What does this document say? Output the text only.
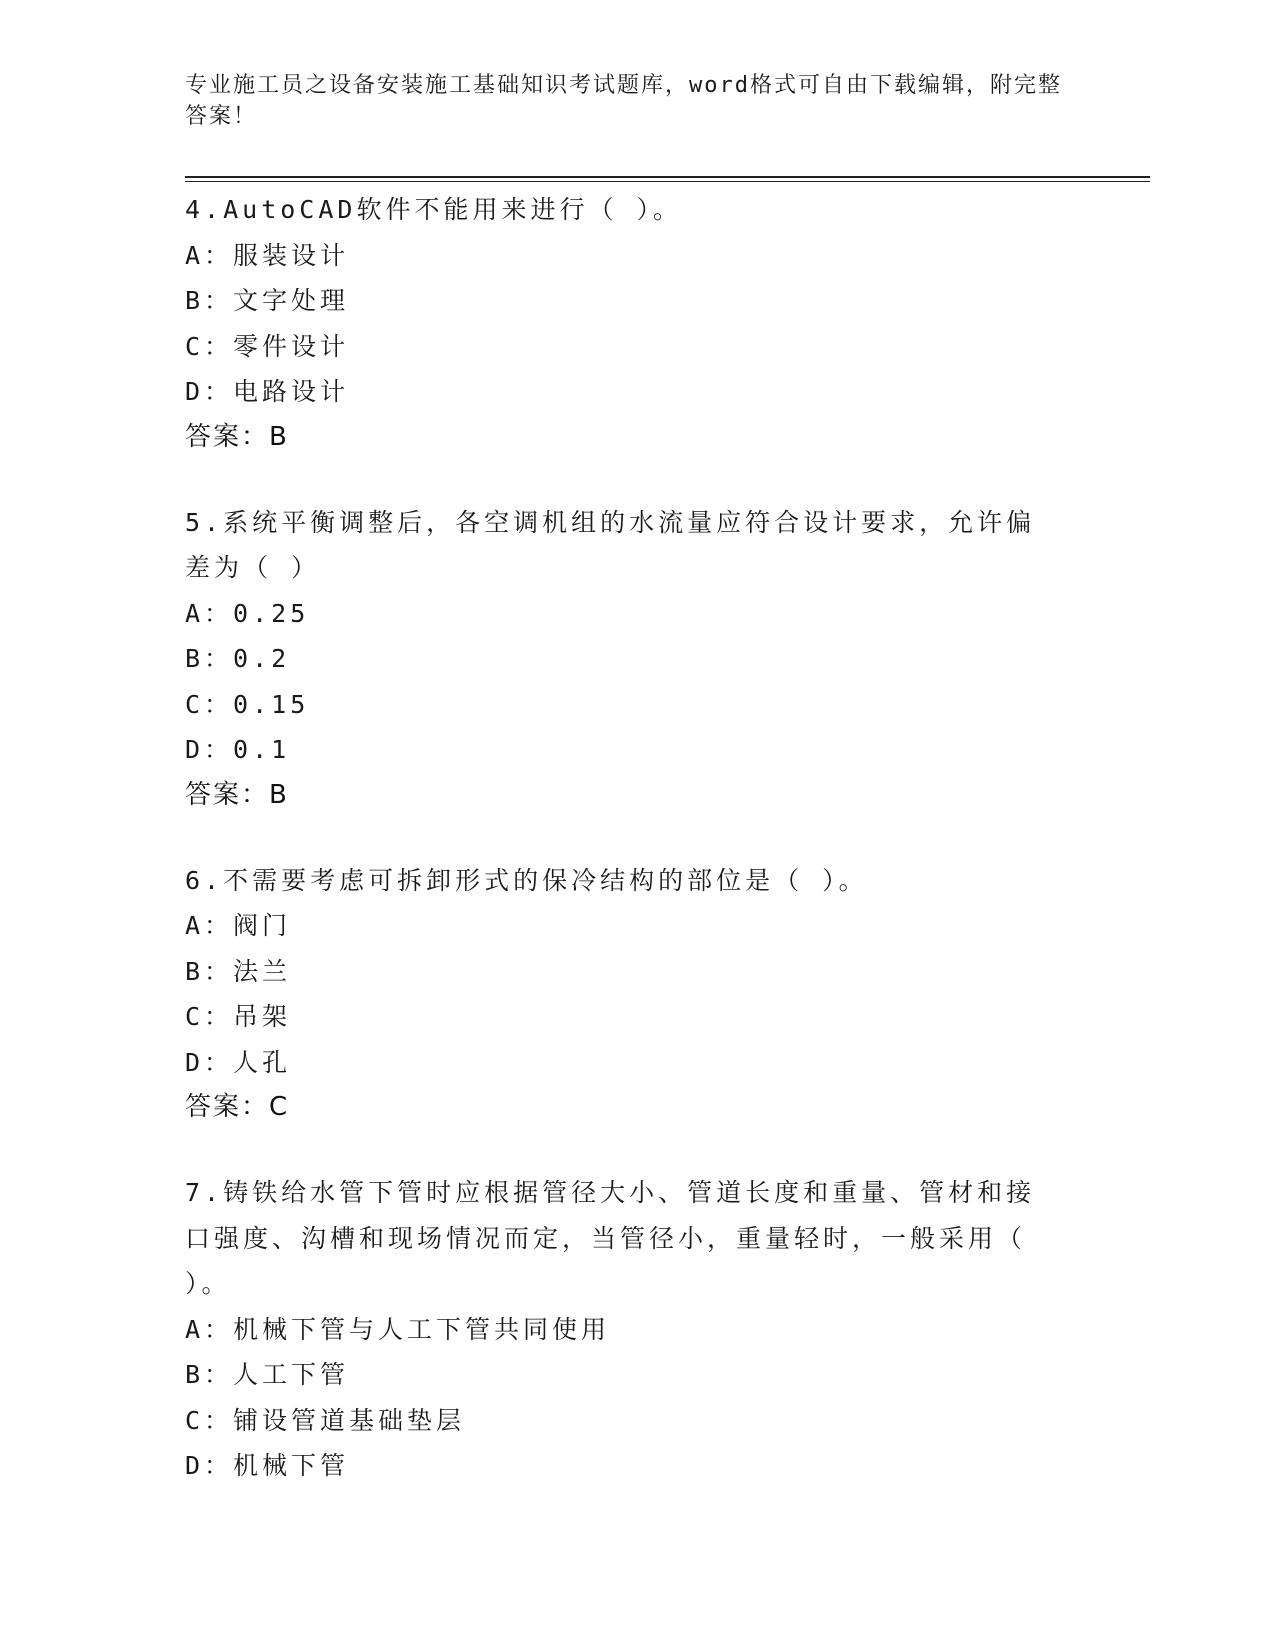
专业施工员之设备安装施工基础知识考试题库，word格式可自由下载编辑，附完整答案！
4.AutoCAD软件不能用来进行（ ）。
A：服装设计
B：文字处理
C：零件设计
D：电路设计
答案：B
5.系统平衡调整后，各空调机组的水流量应符合设计要求，允许偏差为（ ）
A：0.25
B：0.2
C：0.15
D：0.1
答案：B
6.不需要考虑可拆卸形式的保冷结构的部位是（ ）。
A：阀门
B：法兰
C：吊架
D：人孔
答案：C
7.铸铁给水管下管时应根据管径大小、管道长度和重量、管材和接口强度、沟槽和现场情况而定，当管径小，重量轻时，一般采用（ ）。
A：机械下管与人工下管共同使用
B：人工下管
C：铺设管道基础垫层
D：机械下管
